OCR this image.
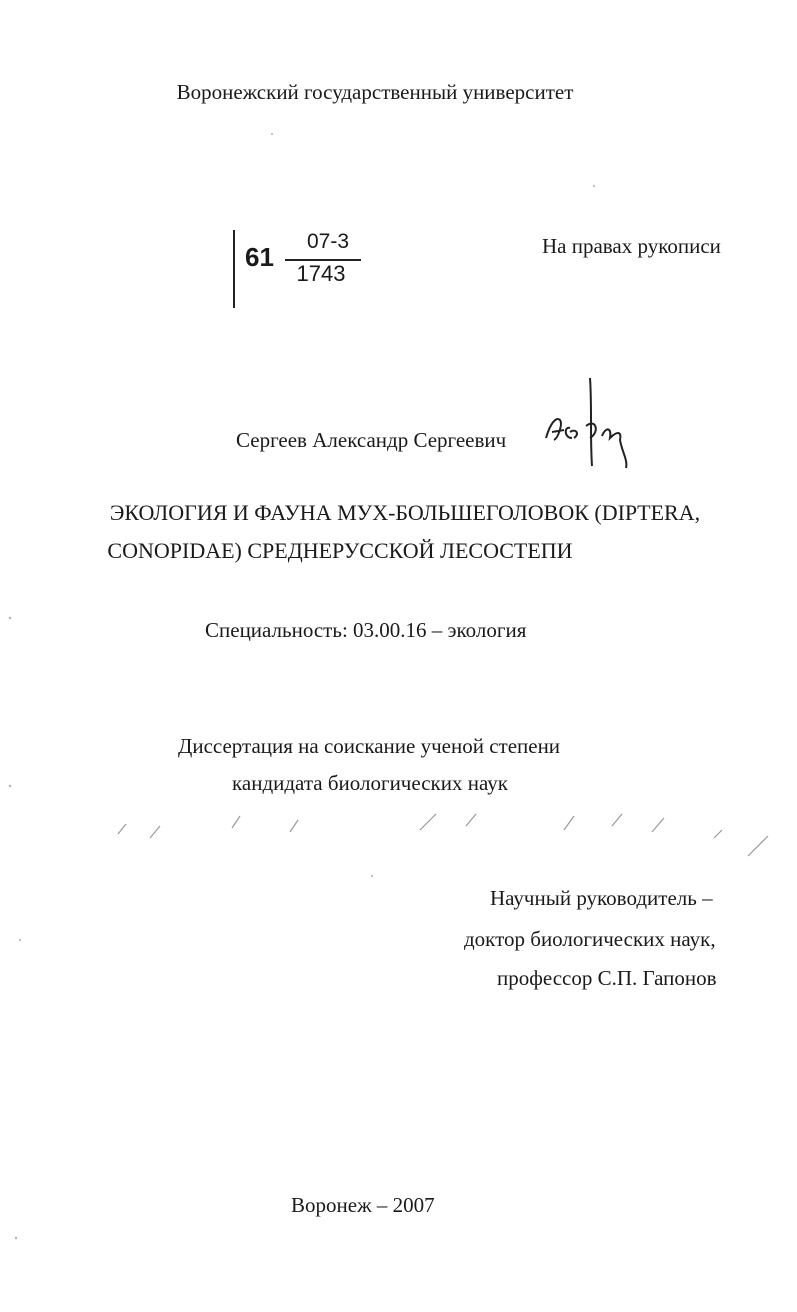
Воронежский государственный университет
61
07-3
1743
На правах рукописи
Сергеев Александр Сергеевич
ЭКОЛОГИЯ И ФАУНА МУХ-БОЛЬШЕГОЛОВОК (DIPTERA,
CONOPIDAE) СРЕДНЕРУССКОЙ ЛЕСОСТЕПИ
Специальность: 03.00.16 – экология
Диссертация на соискание ученой степени
кандидата биологических наук
Научный руководитель –
доктор биологических наук,
профессор С.П. Гапонов
Воронеж – 2007
